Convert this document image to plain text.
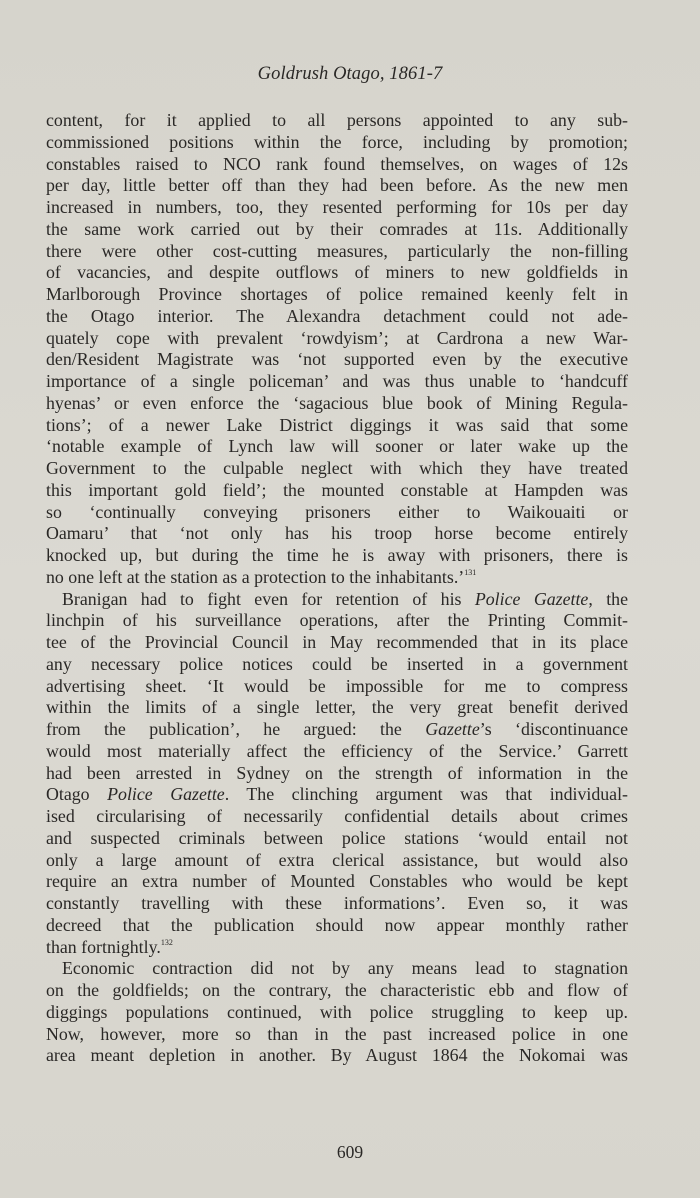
Goldrush Otago, 1861-7
content, for it applied to all persons appointed to any sub-
commissioned positions within the force, including by promotion;
constables raised to NCO rank found themselves, on wages of 12s
per day, little better off than they had been before. As the new men
increased in numbers, too, they resented performing for 10s per day
the same work carried out by their comrades at 11s. Additionally
there were other cost-cutting measures, particularly the non-filling
of vacancies, and despite outflows of miners to new goldfields in
Marlborough Province shortages of police remained keenly felt in
the Otago interior. The Alexandra detachment could not ade-
quately cope with prevalent ‘rowdyism’; at Cardrona a new War-
den/Resident Magistrate was ‘not supported even by the executive
importance of a single policeman’ and was thus unable to ‘handcuff
hyenas’ or even enforce the ‘sagacious blue book of Mining Regula-
tions’; of a newer Lake District diggings it was said that some
‘notable example of Lynch law will sooner or later wake up the
Government to the culpable neglect with which they have treated
this important gold field’; the mounted constable at Hampden was
so ‘continually conveying prisoners either to Waikouaiti or
Oamaru’ that ‘not only has his troop horse become entirely
knocked up, but during the time he is away with prisoners, there is
no one left at the station as a protection to the inhabitants.’$^{131}$
Branigan had to fight even for retention of his Police Gazette, the
linchpin of his surveillance operations, after the Printing Commit-
tee of the Provincial Council in May recommended that in its place
any necessary police notices could be inserted in a government
advertising sheet. ‘It would be impossible for me to compress
within the limits of a single letter, the very great benefit derived
from the publication’, he argued: the Gazette’s ‘discontinuance
would most materially affect the efficiency of the Service.’ Garrett
had been arrested in Sydney on the strength of information in the
Otago Police Gazette. The clinching argument was that individual-
ised circularising of necessarily confidential details about crimes
and suspected criminals between police stations ‘would entail not
only a large amount of extra clerical assistance, but would also
require an extra number of Mounted Constables who would be kept
constantly travelling with these informations’. Even so, it was
decreed that the publication should now appear monthly rather
than fortnightly.$^{132}$
Economic contraction did not by any means lead to stagnation
on the goldfields; on the contrary, the characteristic ebb and flow of
diggings populations continued, with police struggling to keep up.
Now, however, more so than in the past increased police in one
area meant depletion in another. By August 1864 the Nokomai was
609
